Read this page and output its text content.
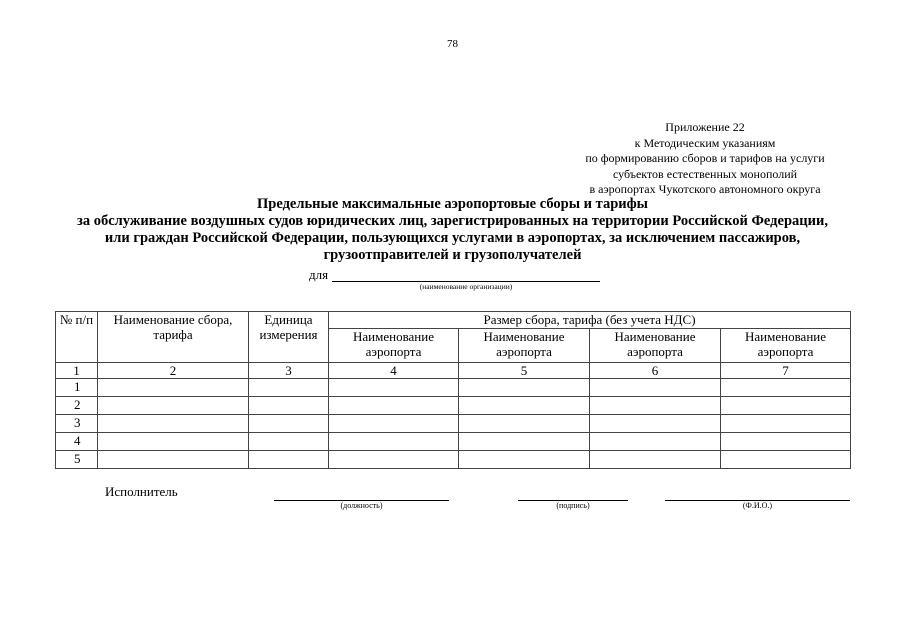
78
Приложение 22
к Методическим указаниям
по формированию сборов и тарифов на услуги
субъектов естественных монополий
в аэропортах Чукотского автономного округа
Предельные максимальные аэропортовые сборы и тарифы
за обслуживание воздушных судов юридических лиц, зарегистрированных на территории Российской Федерации,
или граждан Российской Федерации, пользующихся услугами в аэропортах, за исключением пассажиров,
грузоотправителей и грузополучателей
для
(наименование организации)
№ п/п	Наименование сбора, тарифа	Единица измерения	Размер сбора, тарифа (без учета НДС)			
			Наименование аэропорта	Наименование аэропорта	Наименование аэропорта	Наименование аэропорта
1	2	3	4	5	6	7
1						
2						
3						
4						
5						
Исполнитель
(должность)	(подпись)	(Ф.И.О.)
